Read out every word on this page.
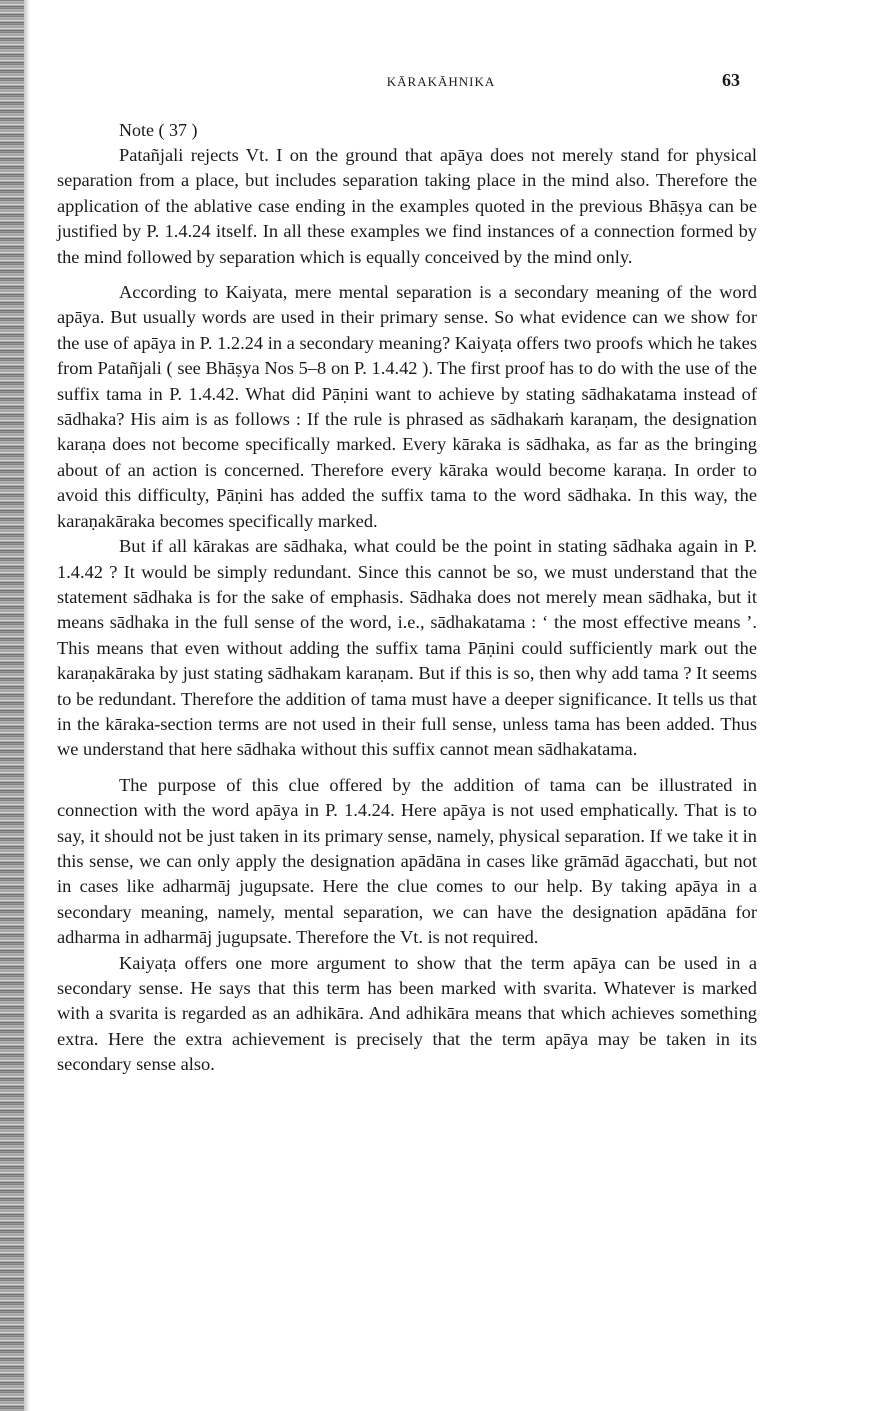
KĀRAKĀHNIKA	63

Note ( 37 )

Patañjali rejects Vt. I on the ground that apāya does not merely stand for physical separation from a place, but includes separation taking place in the mind also. Therefore the application of the ablative case ending in the examples quoted in the previous Bhāṣya can be justified by P. 1.4.24 itself. In all these examples we find instances of a connection formed by the mind followed by separation which is equally conceived by the mind only.

According to Kaiyata, mere mental separation is a secondary meaning of the word apāya. But usually words are used in their primary sense. So what evidence can we show for the use of apāya in P. 1.2.24 in a secondary meaning? Kaiyaṭa offers two proofs which he takes from Patañjali ( see Bhāṣya Nos 5–8 on P. 1.4.42 ). The first proof has to do with the use of the suffix tama in P. 1.4.42. What did Pāṇini want to achieve by stating sādhakatama instead of sādhaka? His aim is as follows : If the rule is phrased as sādhakaṁ karaṇam, the designation karaṇa does not become specifically marked. Every kāraka is sādhaka, as far as the bringing about of an action is concerned. Therefore every kāraka would become karaṇa. In order to avoid this difficulty, Pāṇini has added the suffix tama to the word sādhaka. In this way, the karaṇakāraka becomes specifically marked.

But if all kārakas are sādhaka, what could be the point in stating sādhaka again in P. 1.4.42 ? It would be simply redundant. Since this cannot be so, we must understand that the statement sādhaka is for the sake of emphasis. Sādhaka does not merely mean sādhaka, but it means sādhaka in the full sense of the word, i.e., sādhakatama : ‘ the most effective means ’. This means that even without adding the suffix tama Pāṇini could sufficiently mark out the karaṇakāraka by just stating sādhakam karaṇam. But if this is so, then why add tama ? It seems to be redundant. Therefore the addition of tama must have a deeper significance. It tells us that in the kāraka-section terms are not used in their full sense, unless tama has been added. Thus we understand that here sādhaka without this suffix cannot mean sādhakatama.

The purpose of this clue offered by the addition of tama can be illustrated in connection with the word apāya in P. 1.4.24. Here apāya is not used emphatically. That is to say, it should not be just taken in its primary sense, namely, physical separation. If we take it in this sense, we can only apply the designation apādāna in cases like grāmād āgacchati, but not in cases like adharmāj jugupsate. Here the clue comes to our help. By taking apāya in a secondary meaning, namely, mental separation, we can have the designation apādāna for adharma in adharmāj jugupsate. Therefore the Vt. is not required.

Kaiyaṭa offers one more argument to show that the term apāya can be used in a secondary sense. He says that this term has been marked with svarita. Whatever is marked with a svarita is regarded as an adhikāra. And adhikāra means that which achieves something extra. Here the extra achievement is precisely that the term apāya may be taken in its secondary sense also.
